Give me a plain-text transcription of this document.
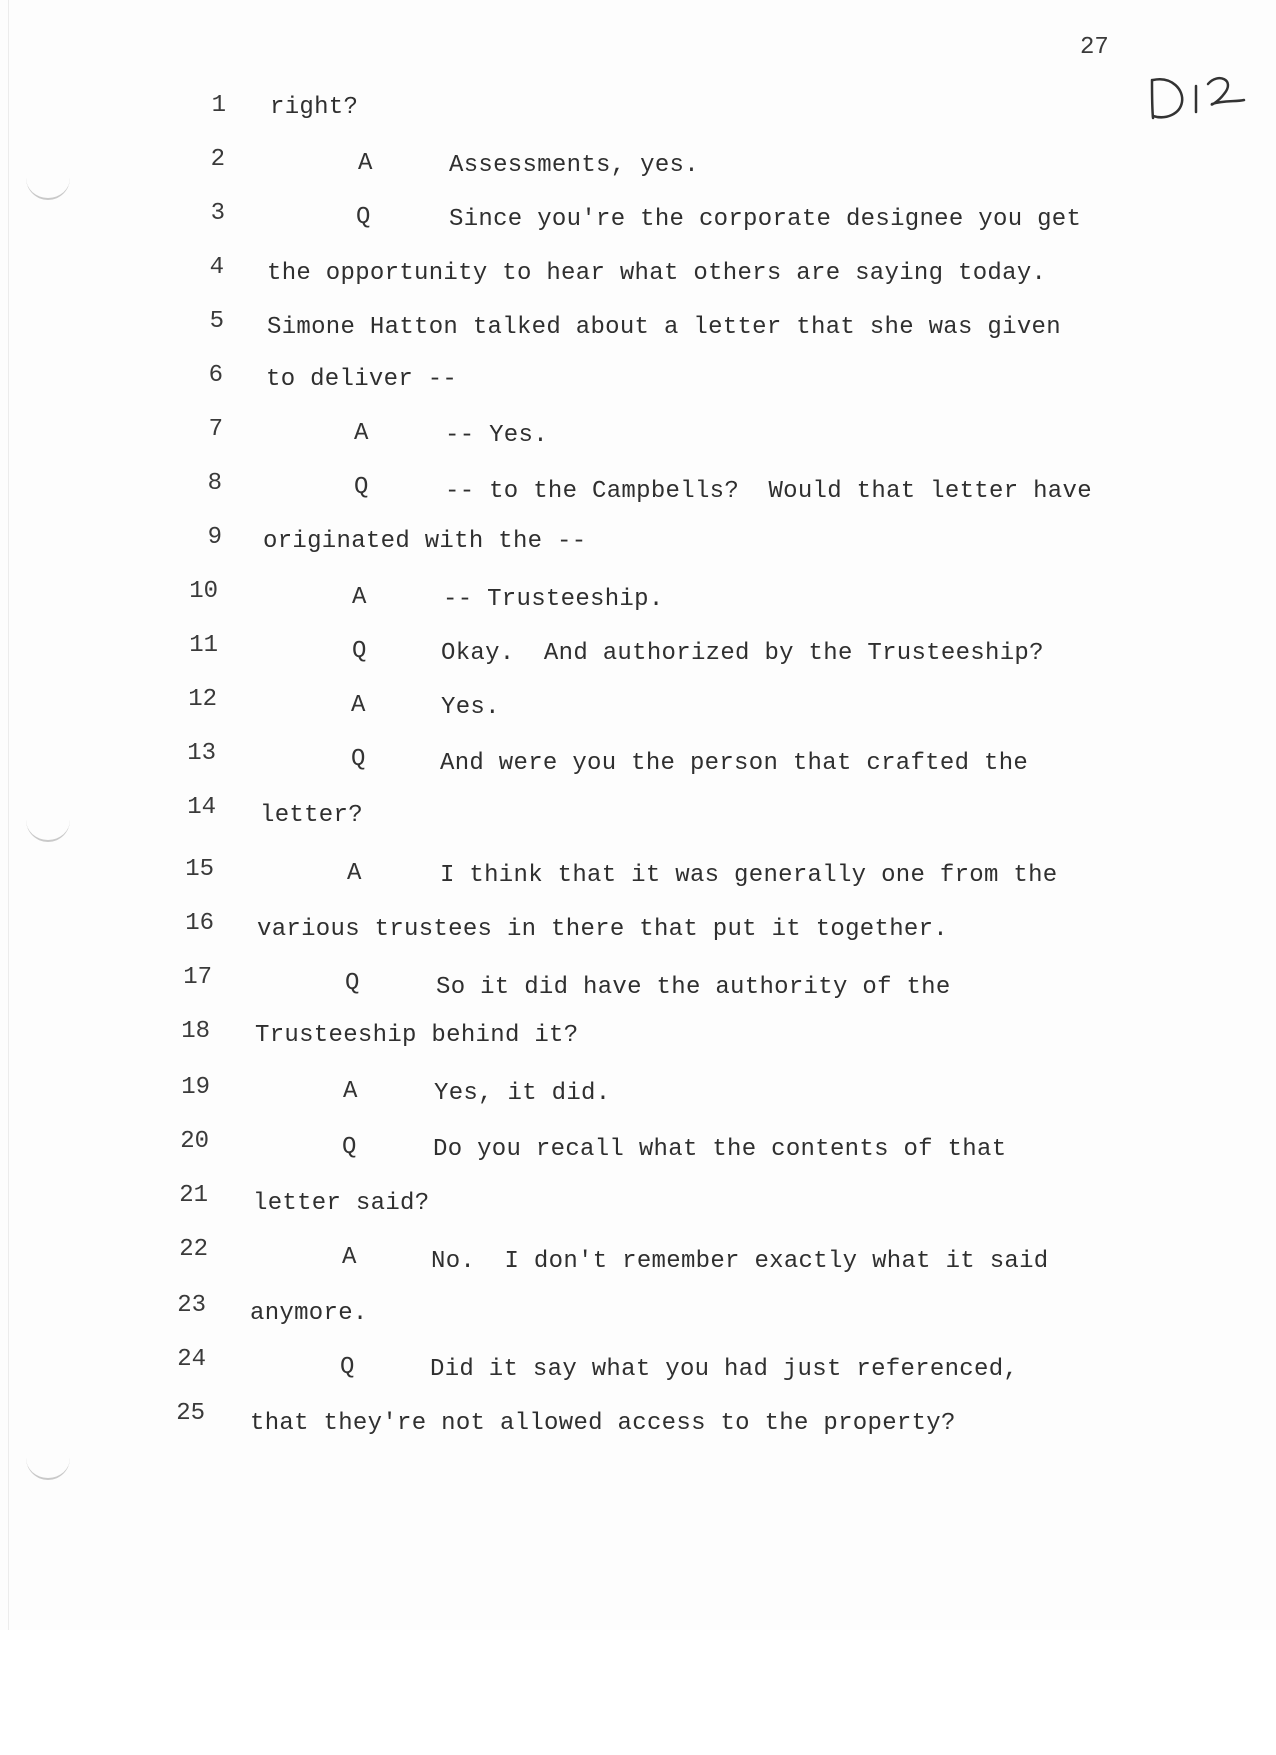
27
1 right?
2	A	Assessments, yes.
3	Q	Since you're the corporate designee you get
4 the opportunity to hear what others are saying today.
5 Simone Hatton talked about a letter that she was given
6 to deliver --
7	A	-- Yes.
8	Q	-- to the Campbells?  Would that letter have
9 originated with the --
10	A	-- Trusteeship.
11	Q	Okay.  And authorized by the Trusteeship?
12	A	Yes.
13	Q	And were you the person that crafted the
14 letter?
15	A	I think that it was generally one from the
16 various trustees in there that put it together.
17	Q	So it did have the authority of the
18 Trusteeship behind it?
19	A	Yes, it did.
20	Q	Do you recall what the contents of that
21 letter said?
22	A	No.  I don't remember exactly what it said
23 anymore.
24	Q	Did it say what you had just referenced,
25 that they're not allowed access to the property?
